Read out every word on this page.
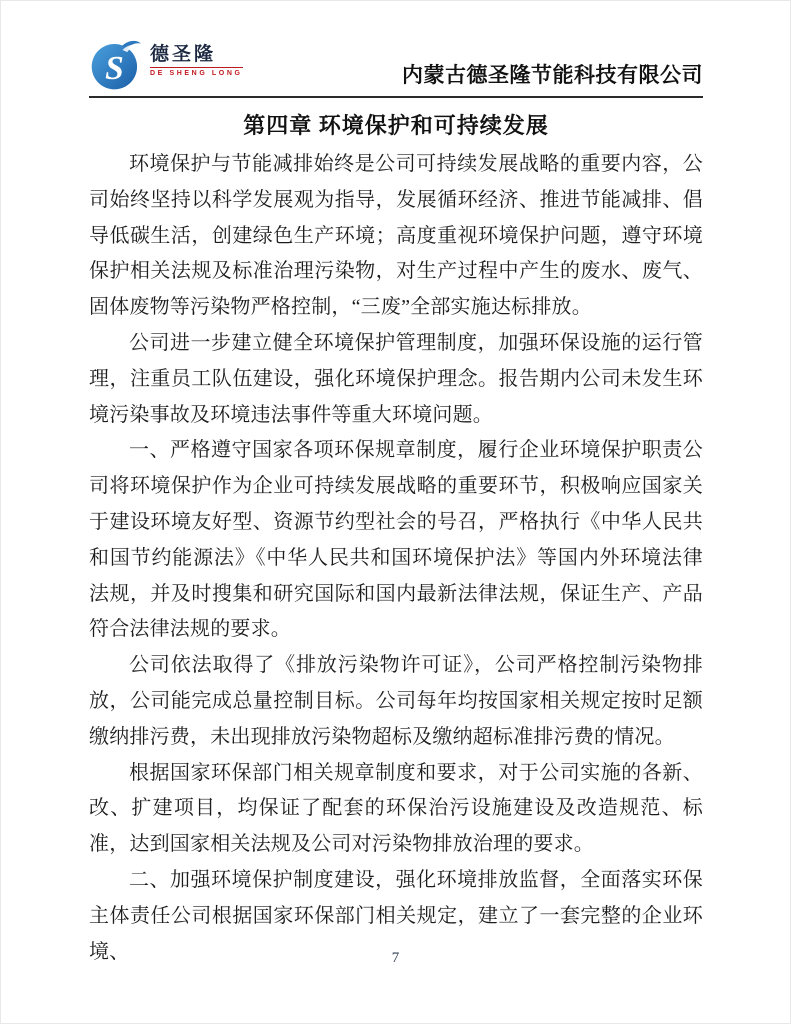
S 德圣隆
DE SHENG LONG	内蒙古德圣隆节能科技有限公司
第四章 环境保护和可持续发展

环境保护与节能减排始终是公司可持续发展战略的重要内容，公司始终坚持以科学发展观为指导，发展循环经济、推进节能减排、倡导低碳生活，创建绿色生产环境；高度重视环境保护问题，遵守环境保护相关法规及标准治理污染物，对生产过程中产生的废水、废气、固体废物等污染物严格控制，“三废”全部实施达标排放。

公司进一步建立健全环境保护管理制度，加强环保设施的运行管理，注重员工队伍建设，强化环境保护理念。报告期内公司未发生环境污染事故及环境违法事件等重大环境问题。

一、严格遵守国家各项环保规章制度，履行企业环境保护职责公司将环境保护作为企业可持续发展战略的重要环节，积极响应国家关于建设环境友好型、资源节约型社会的号召，严格执行《中华人民共和国节约能源法》《中华人民共和国环境保护法》等国内外环境法律法规，并及时搜集和研究国际和国内最新法律法规，保证生产、产品符合法律法规的要求。

公司依法取得了《排放污染物许可证》，公司严格控制污染物排放，公司能完成总量控制目标。公司每年均按国家相关规定按时足额缴纳排污费，未出现排放污染物超标及缴纳超标准排污费的情况。

根据国家环保部门相关规章制度和要求，对于公司实施的各新、改、扩建项目，均保证了配套的环保治污设施建设及改造规范、标准，达到国家相关法规及公司对污染物排放治理的要求。

二、加强环境保护制度建设，强化环境排放监督，全面落实环保主体责任公司根据国家环保部门相关规定，建立了一套完整的企业环境、	7
